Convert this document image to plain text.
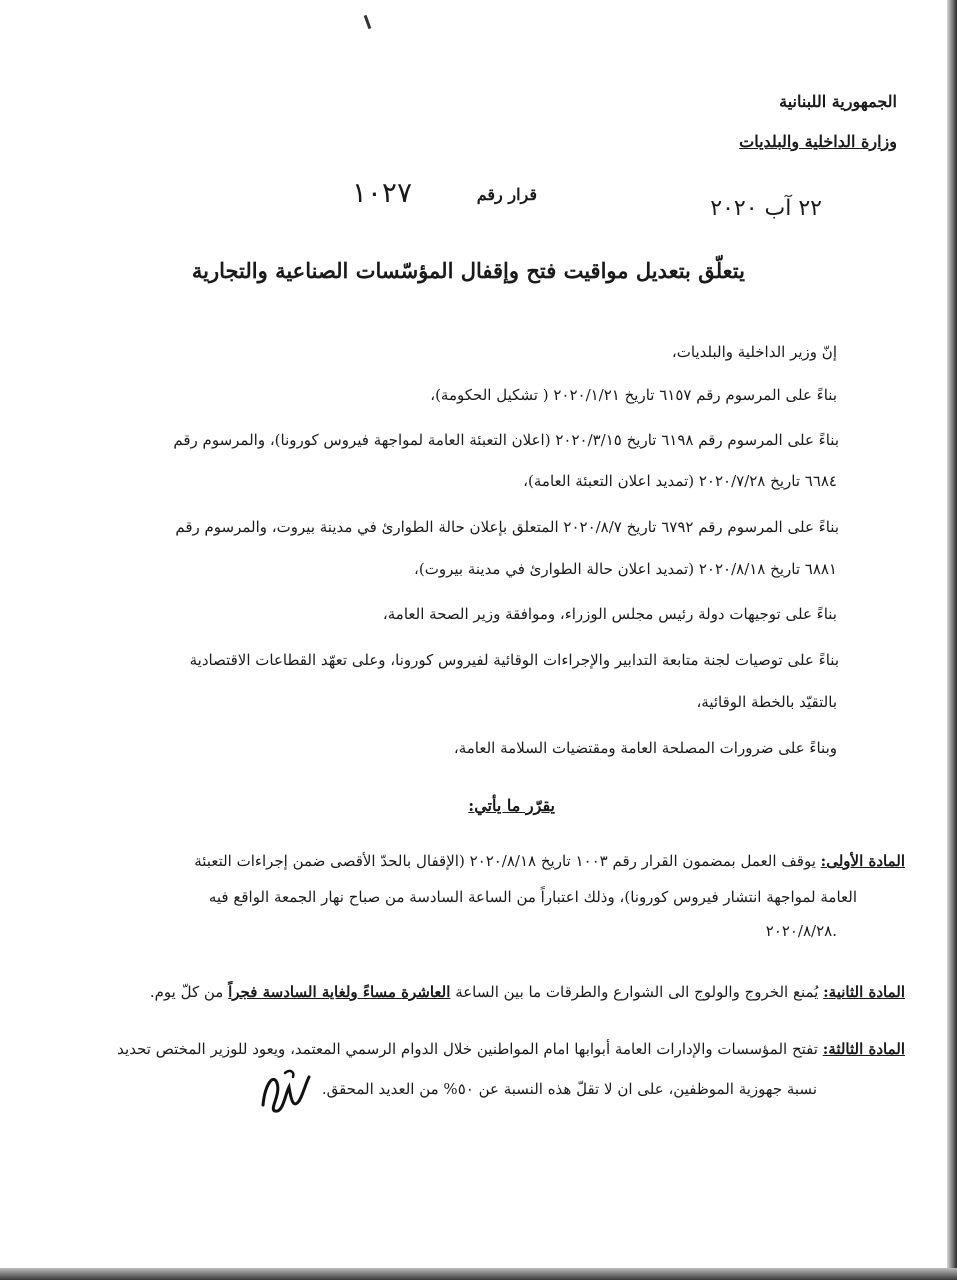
الجمهورية اللبنانية
وزارة الداخلية والبلديات
قرار رقم
١٠٢٧	٢٢ آب ٢٠٢٠
يتعلّق بتعديل مواقيت فتح وإقفال المؤسّسات الصناعية والتجارية
إنّ وزير الداخلية والبلديات،
بناءً على المرسوم رقم ٦١٥٧ تاريخ ٢٠٢٠/١/٢١ ( تشكيل الحكومة)،
بناءً على المرسوم رقم ٦١٩٨ تاريخ ٢٠٢٠/٣/١٥ (اعلان التعبئة العامة لمواجهة فيروس كورونا)، والمرسوم رقم
٦٦٨٤ تاريخ ٢٠٢٠/٧/٢٨ (تمديد اعلان التعبئة العامة)،
بناءً على المرسوم رقم ٦٧٩٢ تاريخ ٢٠٢٠/٨/٧ المتعلق بإعلان حالة الطوارئ في مدينة بيروت، والمرسوم رقم
٦٨٨١ تاريخ ٢٠٢٠/٨/١٨ (تمديد اعلان حالة الطوارئ في مدينة بيروت)،
بناءً على توجيهات دولة رئيس مجلس الوزراء، وموافقة وزير الصحة العامة،
بناءً على توصيات لجنة متابعة التدابير والإجراءات الوقائية لفيروس كورونا، وعلى تعهّد القطاعات الاقتصادية
بالتقيّد بالخطة الوقائية،
وبناءً على ضرورات المصلحة العامة ومقتضيات السلامة العامة،
يقرّر ما يأتي:
المادة الأولى: يوقف العمل بمضمون القرار رقم ١٠٠٣ تاريخ ٢٠٢٠/٨/١٨ (الإقفال بالحدّ الأقصى ضمن إجراءات التعبئة
العامة لمواجهة انتشار فيروس كورونا)، وذلك اعتباراً من الساعة السادسة من صباح نهار الجمعة الواقع فيه
٢٠٢٠/٨/٢٨.
المادة الثانية: يُمنع الخروج والولوج الى الشوارع والطرقات ما بين الساعة العاشرة مساءً ولغاية السادسة فجراً من كلّ يوم.
المادة الثالثة: تفتح المؤسسات والإدارات العامة أبوابها امام المواطنين خلال الدوام الرسمي المعتمد، ويعود للوزير المختص تحديد
نسبة جهوزية الموظفين، على ان لا تقلّ هذه النسبة عن ٥٠% من العديد المحقق.
